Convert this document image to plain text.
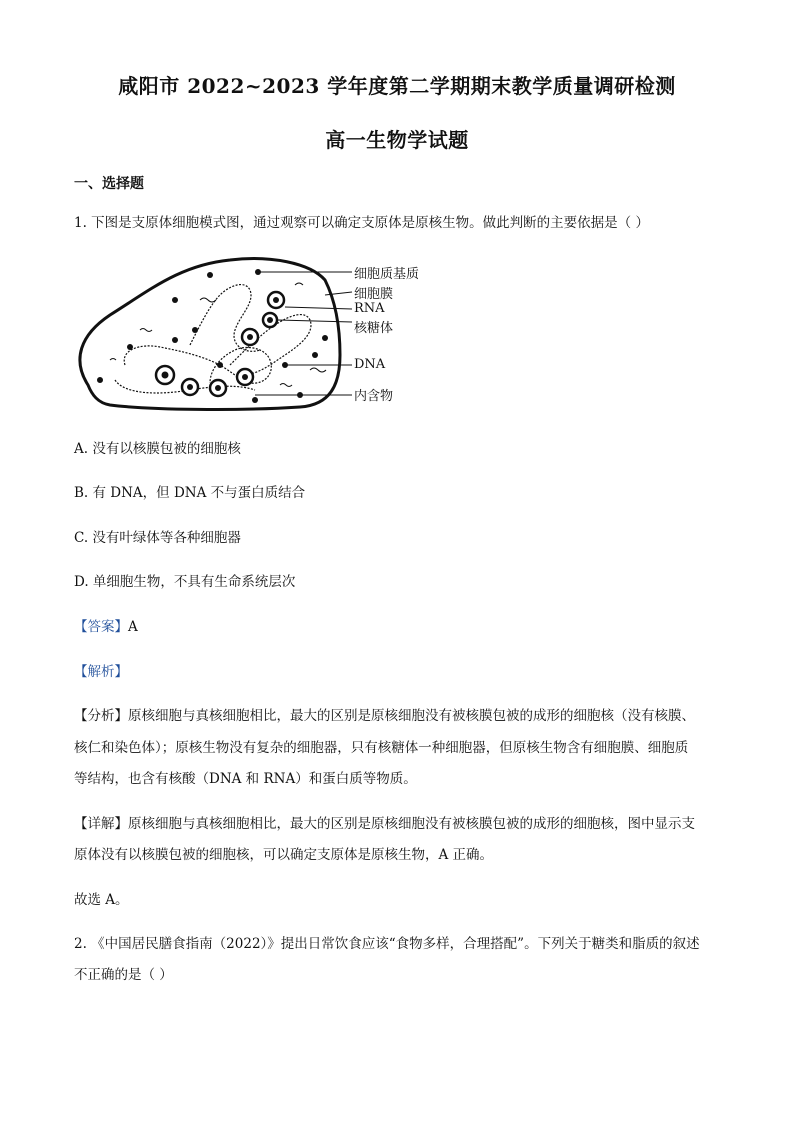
咸阳市 2022~2023 学年度第二学期期末教学质量调研检测
高一生物学试题
一、选择题
1. 下图是支原体细胞模式图，通过观察可以确定支原体是原核生物。做此判断的主要依据是（ ）
细胞质基质
细胞膜
RNA
核糖体
DNA
内含物
A. 没有以核膜包被的细胞核
B. 有 DNA，但 DNA 不与蛋白质结合
C. 没有叶绿体等各种细胞器
D. 单细胞生物，不具有生命系统层次
【答案】A
【解析】
【分析】原核细胞与真核细胞相比，最大的区别是原核细胞没有被核膜包被的成形的细胞核（没有核膜、
核仁和染色体）；原核生物没有复杂的细胞器，只有核糖体一种细胞器，但原核生物含有细胞膜、细胞质
等结构，也含有核酸（DNA 和 RNA）和蛋白质等物质。
【详解】原核细胞与真核细胞相比，最大的区别是原核细胞没有被核膜包被的成形的细胞核，图中显示支
原体没有以核膜包被的细胞核，可以确定支原体是原核生物，A 正确。
故选 A。
2. 《中国居民膳食指南（2022）》提出日常饮食应该“食物多样，合理搭配”。下列关于糖类和脂质的叙述
不正确的是（ ）
